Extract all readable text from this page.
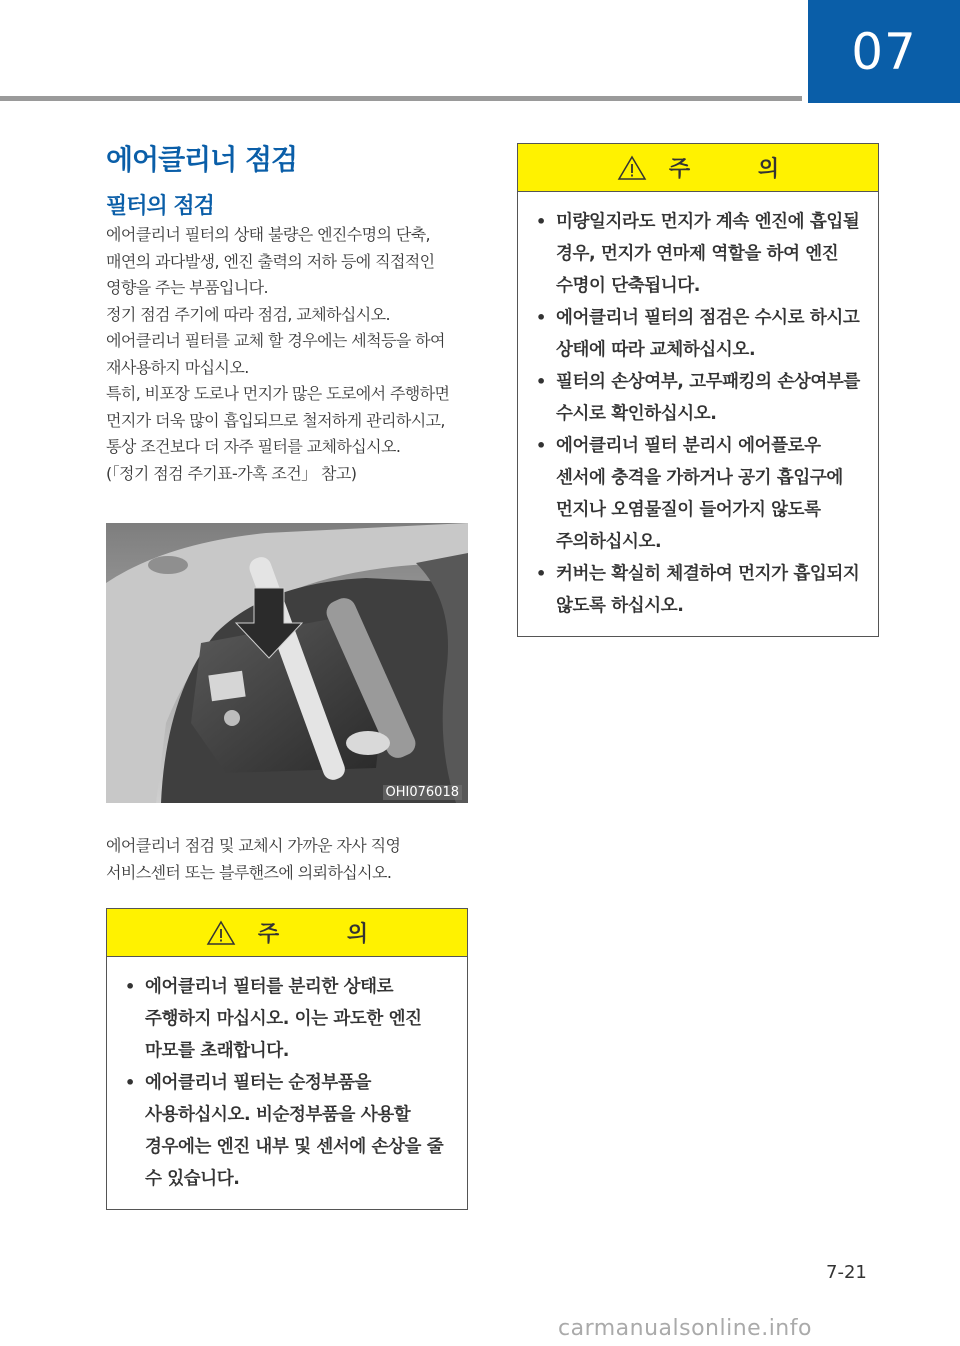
07
에어클리너 점검
필터의 점검

에어클리너 필터의 상태 불량은 엔진수명의 단축, 매연의 과다발생, 엔진 출력의 저하 등에 직접적인 영향을 주는 부품입니다.

정기 점검 주기에 따라 점검, 교체하십시오.

에어클리너 필터를 교체 할 경우에는 세척등을 하여 재사용하지 마십시오.

특히, 비포장 도로나 먼지가 많은 도로에서 주행하면 먼지가 더욱 많이 흡입되므로 철저하게 관리하시고, 통상 조건보다 더 자주 필터를 교체하십시오.

(「정기 점검 주기표-가혹 조건」 참고)

OHI076018

에어클리너 점검 및 교체시 가까운 자사 직영 서비스센터 또는 블루핸즈에 의뢰하십시오.

주 의
• 에어클리너 필터를 분리한 상태로 주행하지 마십시오. 이는 과도한 엔진 마모를 초래합니다.
• 에어클리너 필터는 순정부품을 사용하십시오. 비순정부품을 사용할 경우에는 엔진 내부 및 센서에 손상을 줄 수 있습니다.
주 의
• 미량일지라도 먼지가 계속 엔진에 흡입될 경우, 먼지가 연마제 역할을 하여 엔진 수명이 단축됩니다.
• 에어클리너 필터의 점검은 수시로 하시고 상태에 따라 교체하십시오.
• 필터의 손상여부, 고무패킹의 손상여부를 수시로 확인하십시오.
• 에어클리너 필터 분리시 에어플로우 센서에 충격을 가하거나 공기 흡입구에 먼지나 오염물질이 들어가지 않도록 주의하십시오.
• 커버는 확실히 체결하여 먼지가 흡입되지 않도록 하십시오.
7-21
carmanualsonline.info
